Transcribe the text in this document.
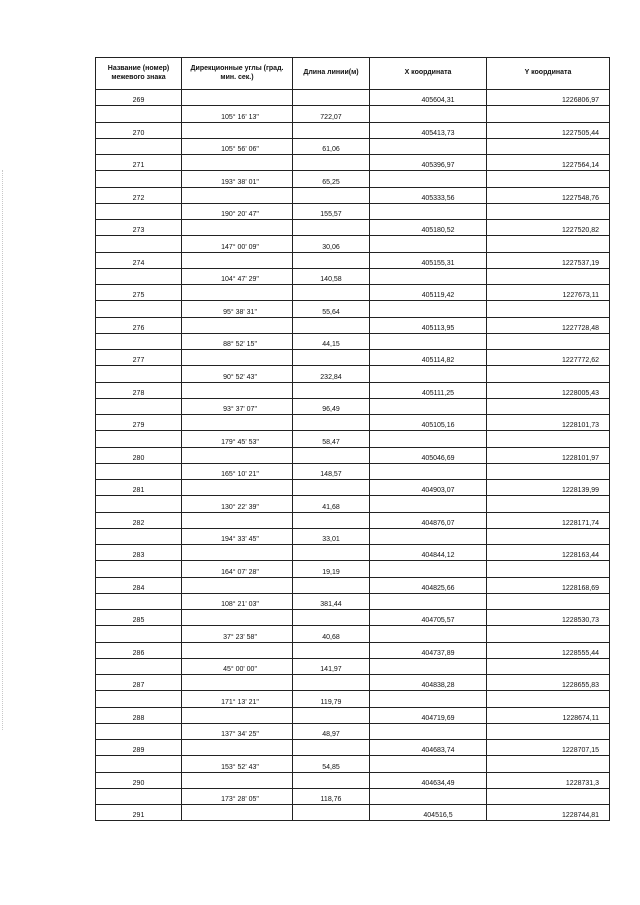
Название (номер) межевого знака	Дирекционные углы (град. мин. сек.)	Длина линии(м)	X координата	Y координата
269			405604,31	1226806,97
	105° 16' 13"	722,07		
270			405413,73	1227505,44
	105° 56' 06"	61,06		
271			405396,97	1227564,14
	193° 38' 01"	65,25		
272			405333,56	1227548,76
	190° 20' 47"	155,57		
273			405180,52	1227520,82
	147° 00' 09"	30,06		
274			405155,31	1227537,19
	104° 47' 29"	140,58		
275			405119,42	1227673,11
	95° 38' 31"	55,64		
276			405113,95	1227728,48
	88° 52' 15"	44,15		
277			405114,82	1227772,62
	90° 52' 43"	232,84		
278			405111,25	1228005,43
	93° 37' 07"	96,49		
279			405105,16	1228101,73
	179° 45' 53"	58,47		
280			405046,69	1228101,97
	165° 10' 21"	148,57		
281			404903,07	1228139,99
	130° 22' 39"	41,68		
282			404876,07	1228171,74
	194° 33' 45"	33,01		
283			404844,12	1228163,44
	164° 07' 28"	19,19		
284			404825,66	1228168,69
	108° 21' 03"	381,44		
285			404705,57	1228530,73
	37° 23' 58"	40,68		
286			404737,89	1228555,44
	45° 00' 00"	141,97		
287			404838,28	1228655,83
	171° 13' 21"	119,79		
288			404719,69	1228674,11
	137° 34' 25"	48,97		
289			404683,74	1228707,15
	153° 52' 43"	54,85		
290			404634,49	1228731,3
	173° 28' 05"	118,76		
291			404516,5	1228744,81
